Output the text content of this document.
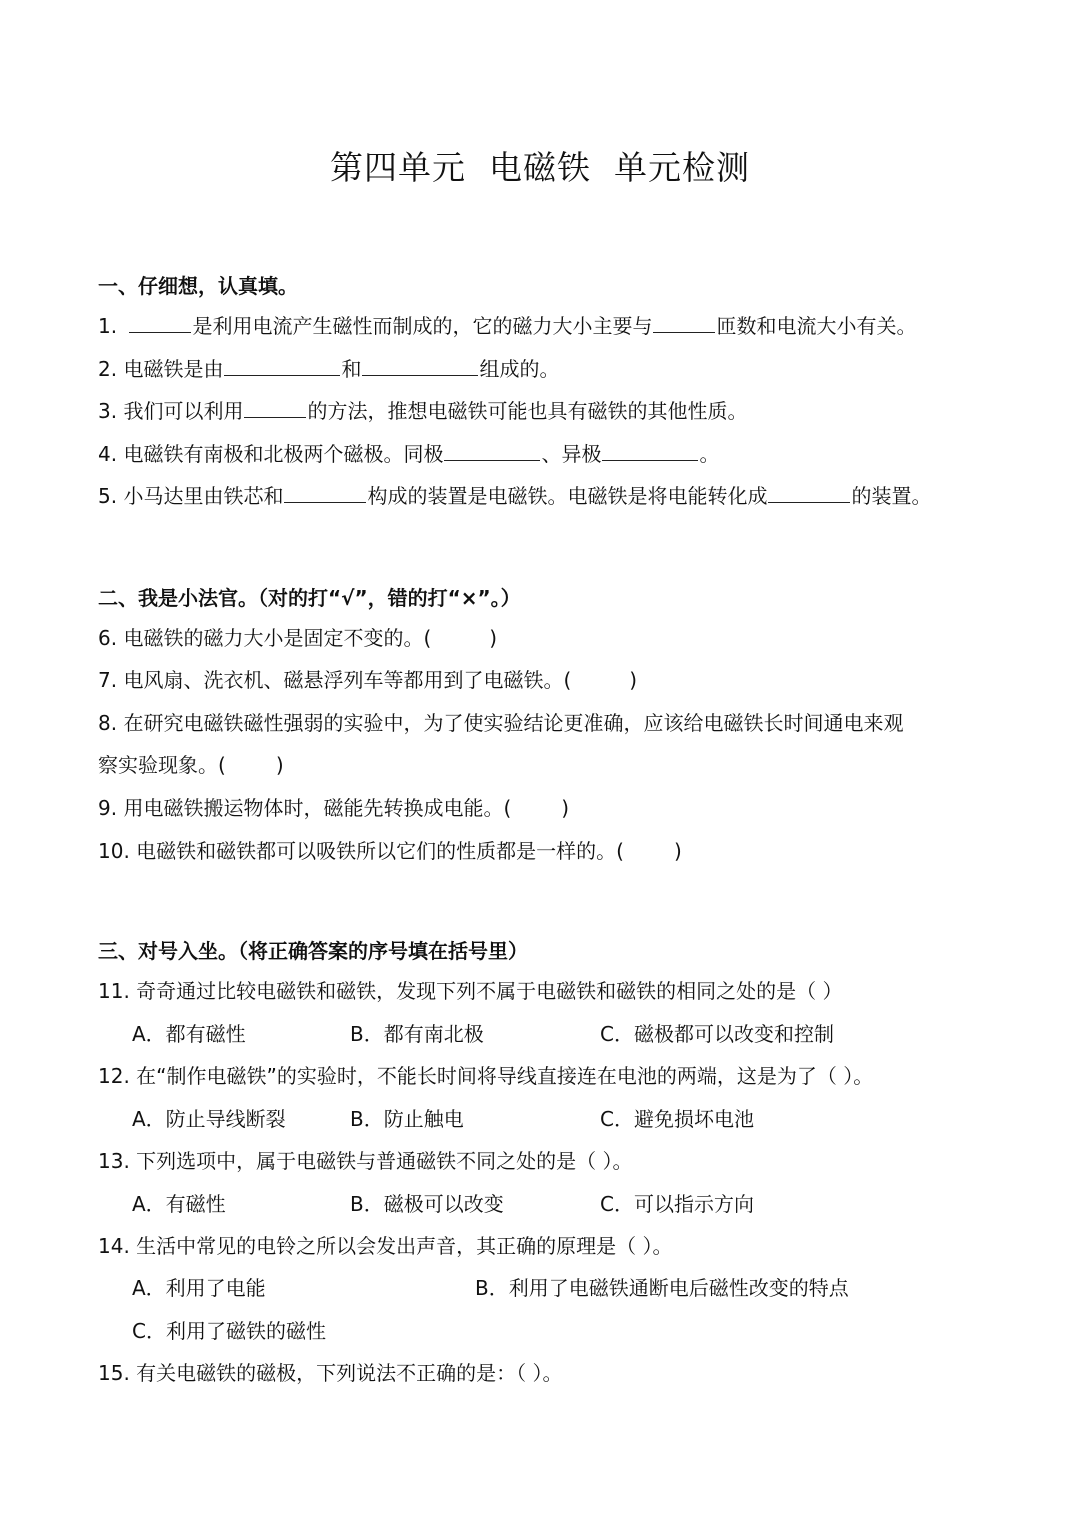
第四单元  电磁铁  单元检测
一、仔细想，认真填。
1.	是利用电流产生磁性而制成的，它的磁力大小主要与	匝数和电流大小有关。
2. 电磁铁是由	和	组成的。
3. 我们可以利用	的方法，推想电磁铁可能也具有磁铁的其他性质。
4. 电磁铁有南极和北极两个磁极。同极	、异极	。
5. 小马达里由铁芯和	构成的装置是电磁铁。电磁铁是将电能转化成	的装置。
二、我是小法官。（对的打“√”，错的打“×”。）
6. 电磁铁的磁力大小是固定不变的。(	)
7. 电风扇、洗衣机、磁悬浮列车等都用到了电磁铁。(	)
8. 在研究电磁铁磁性强弱的实验中，为了使实验结论更准确，应该给电磁铁长时间通电来观
察实验现象。(	)
9. 用电磁铁搬运物体时，磁能先转换成电能。(	)
10. 电磁铁和磁铁都可以吸铁所以它们的性质都是一样的。(	)
三、对号入坐。（将正确答案的序号填在括号里）
11. 奇奇通过比较电磁铁和磁铁，发现下列不属于电磁铁和磁铁的相同之处的是（ ）
A．都有磁性	B．都有南北极	C．磁极都可以改变和控制
12. 在“制作电磁铁”的实验时，不能长时间将导线直接连在电池的两端，这是为了（ ）。
A．防止导线断裂	B．防止触电	C．避免损坏电池
13. 下列选项中，属于电磁铁与普通磁铁不同之处的是（ ）。
A．有磁性	B．磁极可以改变	C．可以指示方向
14. 生活中常见的电铃之所以会发出声音，其正确的原理是（ ）。
A．利用了电能	B．利用了电磁铁通断电后磁性改变的特点
C．利用了磁铁的磁性
15. 有关电磁铁的磁极，下列说法不正确的是：（ ）。
